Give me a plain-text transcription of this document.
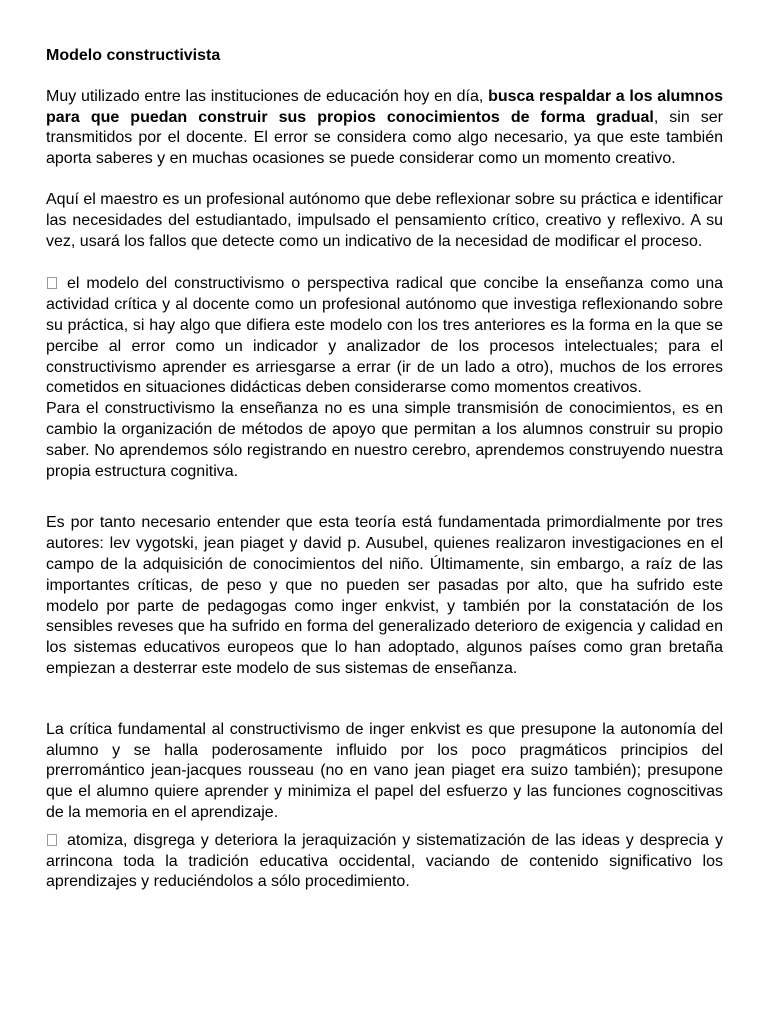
Modelo constructivista

Muy utilizado entre las instituciones de educación hoy en día, busca respaldar a los alumnos para que puedan construir sus propios conocimientos de forma gradual, sin ser transmitidos por el docente. El error se considera como algo necesario, ya que este también aporta saberes y en muchas ocasiones se puede considerar como un momento creativo.

Aquí el maestro es un profesional autónomo que debe reflexionar sobre su práctica e identificar las necesidades del estudiantado, impulsado el pensamiento crítico, creativo y reflexivo. A su vez, usará los fallos que detecte como un indicativo de la necesidad de modificar el proceso.

el modelo del constructivismo o perspectiva radical que concibe la enseñanza como una actividad crítica y al docente como un profesional autónomo que investiga reflexionando sobre su práctica, si hay algo que difiera este modelo con los tres anteriores es la forma en la que se percibe al error como un indicador y analizador de los procesos intelectuales; para el constructivismo aprender es arriesgarse a errar (ir de un lado a otro), muchos de los errores cometidos en situaciones didácticas deben considerarse como momentos creativos.

Para el constructivismo la enseñanza no es una simple transmisión de conocimientos, es en cambio la organización de métodos de apoyo que permitan a los alumnos construir su propio saber. No aprendemos sólo registrando en nuestro cerebro, aprendemos construyendo nuestra propia estructura cognitiva.

Es por tanto necesario entender que esta teoría está fundamentada primordialmente por tres autores: lev vygotski, jean piaget y david p. Ausubel, quienes realizaron investigaciones en el campo de la adquisición de conocimientos del niño. Últimamente, sin embargo, a raíz de las importantes críticas, de peso y que no pueden ser pasadas por alto, que ha sufrido este modelo por parte de pedagogas como inger enkvist, y también por la constatación de los sensibles reveses que ha sufrido en forma del generalizado deterioro de exigencia y calidad en los sistemas educativos europeos que lo han adoptado, algunos países como gran bretaña empiezan a desterrar este modelo de sus sistemas de enseñanza.

La crítica fundamental al constructivismo de inger enkvist es que presupone la autonomía del alumno y se halla poderosamente influido por los poco pragmáticos principios del prerromántico jean-jacques rousseau (no en vano jean piaget era suizo también); presupone que el alumno quiere aprender y minimiza el papel del esfuerzo y las funciones cognoscitivas de la memoria en el aprendizaje.

atomiza, disgrega y deteriora la jeraquización y sistematización de las ideas y desprecia y arrincona toda la tradición educativa occidental, vaciando de contenido significativo los aprendizajes y reduciéndolos a sólo procedimiento.
